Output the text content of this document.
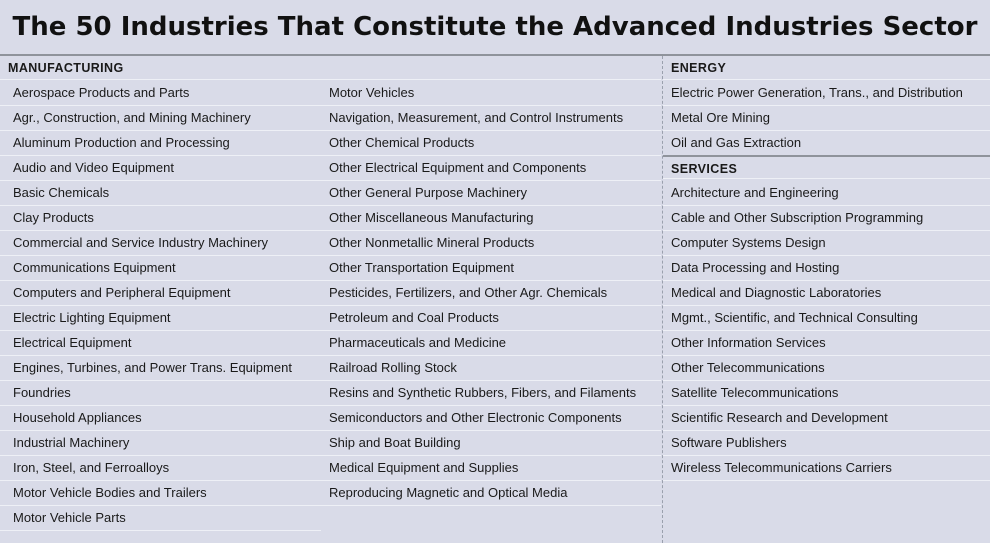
The 50 Industries That Constitute the Advanced Industries Sector
MANUFACTURING
Aerospace Products and Parts
Agr., Construction, and Mining Machinery
Aluminum Production and Processing
Audio and Video Equipment
Basic Chemicals
Clay Products
Commercial and Service Industry Machinery
Communications Equipment
Computers and Peripheral Equipment
Electric Lighting Equipment
Electrical Equipment
Engines, Turbines, and Power Trans. Equipment
Foundries
Household Appliances
Industrial Machinery
Iron, Steel, and Ferroalloys
Motor Vehicle Bodies and Trailers
Motor Vehicle Parts
Motor Vehicles
Navigation, Measurement, and Control Instruments
Other Chemical Products
Other Electrical Equipment and Components
Other General Purpose Machinery
Other Miscellaneous Manufacturing
Other Nonmetallic Mineral Products
Other Transportation Equipment
Pesticides, Fertilizers, and Other Agr. Chemicals
Petroleum and Coal Products
Pharmaceuticals and Medicine
Railroad Rolling Stock
Resins and Synthetic Rubbers, Fibers, and Filaments
Semiconductors and Other Electronic Components
Ship and Boat Building
Medical Equipment and Supplies
Reproducing Magnetic and Optical Media
ENERGY
Electric Power Generation, Trans., and Distribution
Metal Ore Mining
Oil and Gas Extraction
SERVICES
Architecture and Engineering
Cable and Other Subscription Programming
Computer Systems Design
Data Processing and Hosting
Medical and Diagnostic Laboratories
Mgmt., Scientific, and Technical Consulting
Other Information Services
Other Telecommunications
Satellite Telecommunications
Scientific Research and Development
Software Publishers
Wireless Telecommunications Carriers
